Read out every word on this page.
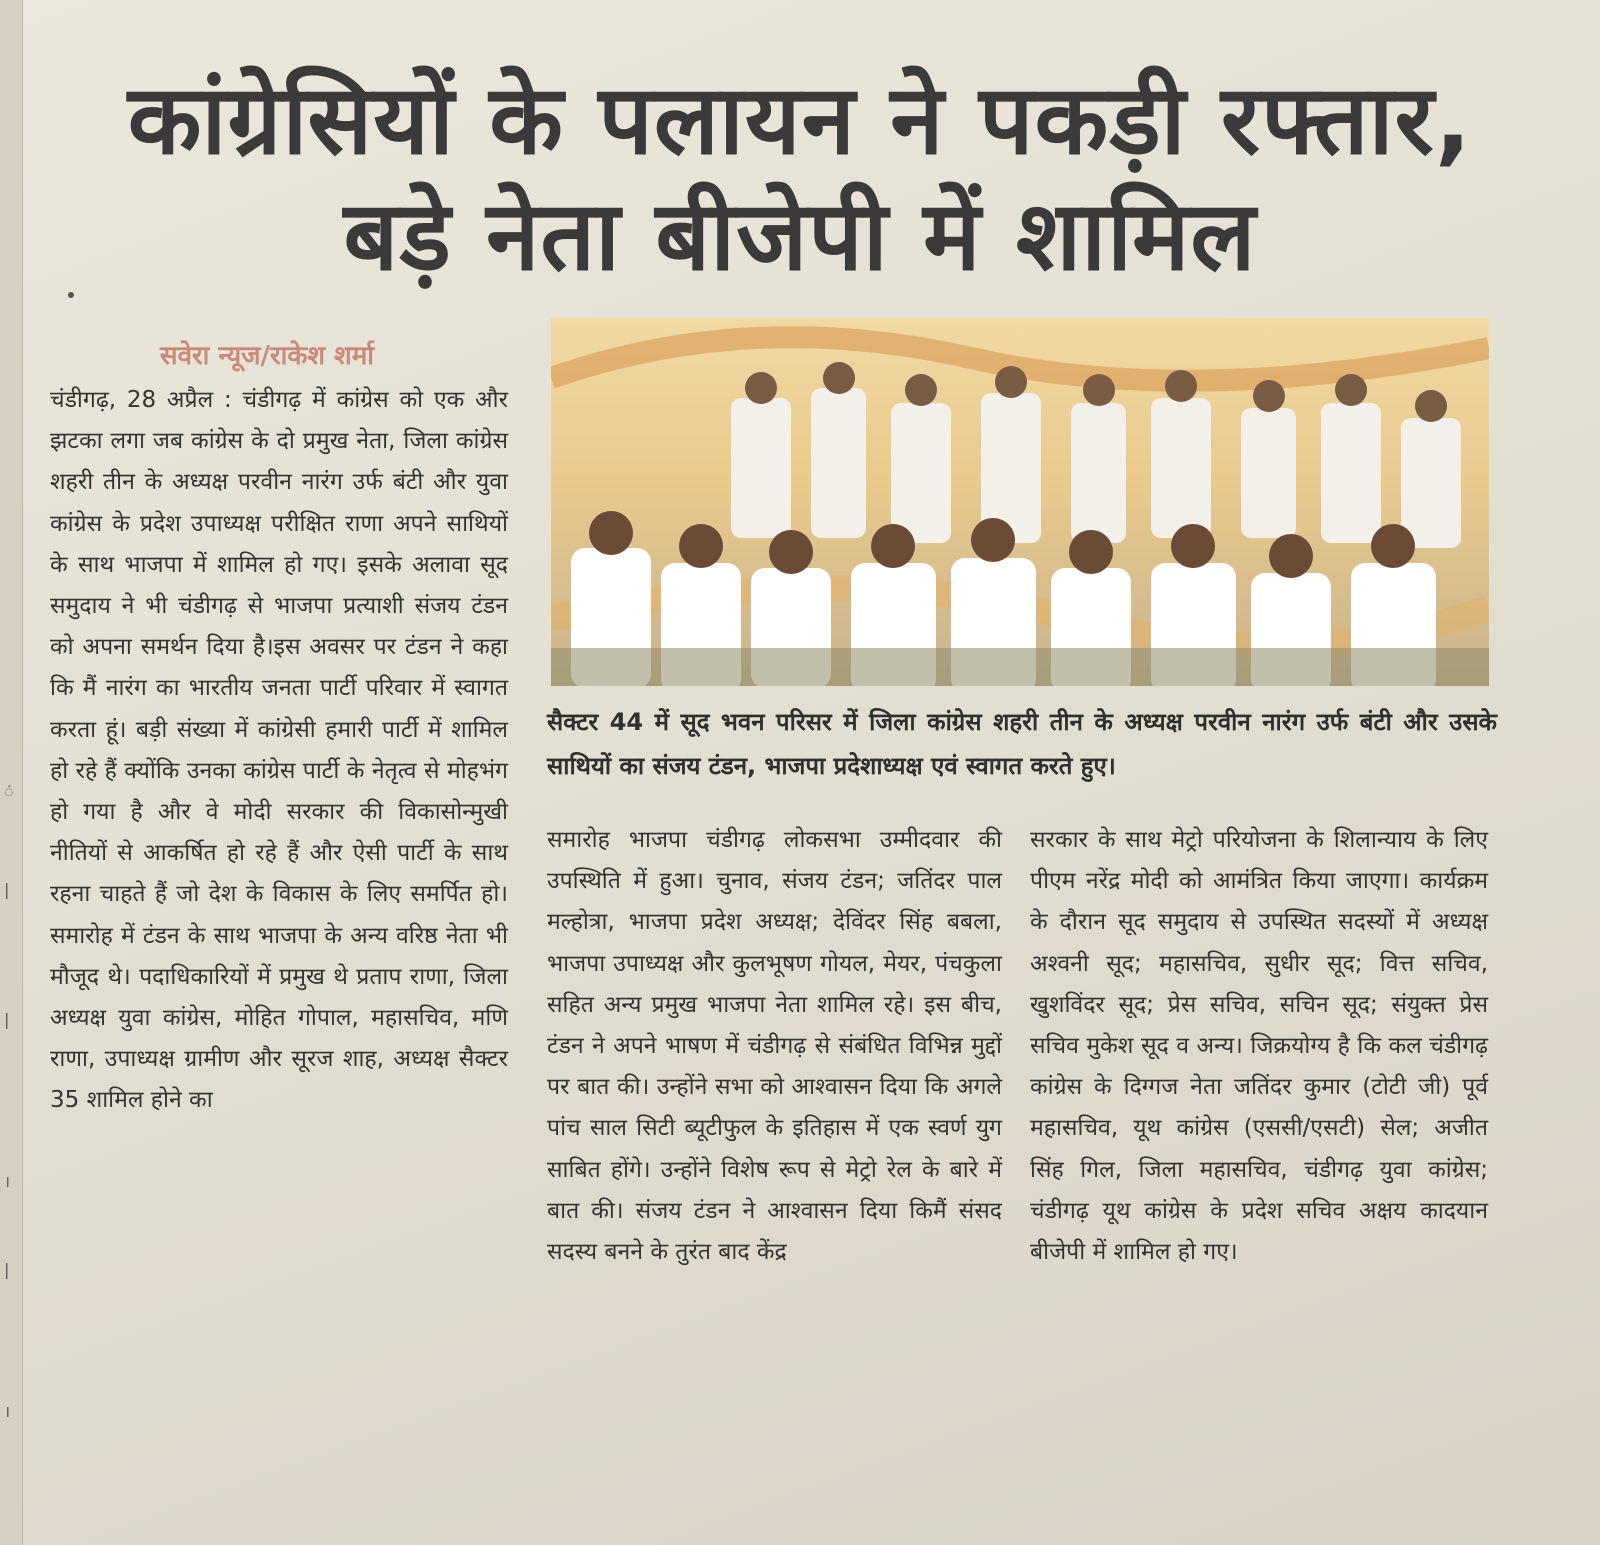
ं
|
|
।
|
।
कांग्रेसियों के पलायन ने पकड़ी रफ्तार,
बड़े नेता बीजेपी में शामिल
सवेरा न्यूज/राकेश शर्मा
सैक्टर 44 में सूद भवन परिसर में जिला कांग्रेस शहरी तीन के अध्यक्ष परवीन नारंग उर्फ बंटी और उसके साथियों का संजय टंडन, भाजपा प्रदेशाध्यक्ष एवं स्वागत करते हुए।
चंडीगढ़, 28 अप्रैल : चंडीगढ़ में कांग्रेस को एक और झटका लगा जब कांग्रेस के दो प्रमुख नेता, जिला कांग्रेस शहरी तीन के अध्यक्ष परवीन नारंग उर्फ बंटी और युवा कांग्रेस के प्रदेश उपाध्यक्ष परीक्षित राणा अपने साथियों के साथ भाजपा में शामिल हो गए। इसके अलावा सूद समुदाय ने भी चंडीगढ़ से भाजपा प्रत्याशी संजय टंडन को अपना समर्थन दिया है।इस अवसर पर टंडन ने कहा कि मैं नारंग का भारतीय जनता पार्टी परिवार में स्वागत करता हूं। बड़ी संख्या में कांग्रेसी हमारी पार्टी में शामिल हो रहे हैं क्योंकि उनका कांग्रेस पार्टी के नेतृत्व से मोहभंग हो गया है और वे मोदी सरकार की विकासोन्मुखी नीतियों से आकर्षित हो रहे हैं और ऐसी पार्टी के साथ रहना चाहते हैं जो देश के विकास के लिए समर्पित हो। समारोह में टंडन के साथ भाजपा के अन्य वरिष्ठ नेता भी मौजूद थे। पदाधिकारियों में प्रमुख थे प्रताप राणा, जिला अध्यक्ष युवा कांग्रेस, मोहित गोपाल, महासचिव, मणि राणा, उपाध्यक्ष ग्रामीण और सूरज शाह, अध्यक्ष सैक्टर 35 शामिल होने का
समारोह भाजपा चंडीगढ़ लोकसभा उम्मीदवार की उपस्थिति में हुआ। चुनाव, संजय टंडन; जतिंदर पाल मल्होत्रा, भाजपा प्रदेश अध्यक्ष; देविंदर सिंह बबला, भाजपा उपाध्यक्ष और कुलभूषण गोयल, मेयर, पंचकुला सहित अन्य प्रमुख भाजपा नेता शामिल रहे। इस बीच, टंडन ने अपने भाषण में चंडीगढ़ से संबंधित विभिन्न मुद्दों पर बात की। उन्होंने सभा को आश्वासन दिया कि अगले पांच साल सिटी ब्यूटीफुल के इतिहास में एक स्वर्ण युग साबित होंगे। उन्होंने विशेष रूप से मेट्रो रेल के बारे में बात की। संजय टंडन ने आश्वासन दिया किमैं संसद सदस्य बनने के तुरंत बाद केंद्र
सरकार के साथ मेट्रो परियोजना के शिलान्याय के लिए पीएम नरेंद्र मोदी को आमंत्रित किया जाएगा। कार्यक्रम के दौरान सूद समुदाय से उपस्थित सदस्यों में अध्यक्ष अश्वनी सूद; महासचिव, सुधीर सूद; वित्त सचिव, खुशविंदर सूद; प्रेस सचिव, सचिन सूद; संयुक्त प्रेस सचिव मुकेश सूद व अन्य। जिक्रयोग्य है कि कल चंडीगढ़ कांग्रेस के दिग्गज नेता जतिंदर कुमार (टोटी जी) पूर्व महासचिव, यूथ कांग्रेस (एससी/एसटी) सेल; अजीत सिंह गिल, जिला महासचिव, चंडीगढ़ युवा कांग्रेस; चंडीगढ़ यूथ कांग्रेस के प्रदेश सचिव अक्षय कादयान बीजेपी में शामिल हो गए।
